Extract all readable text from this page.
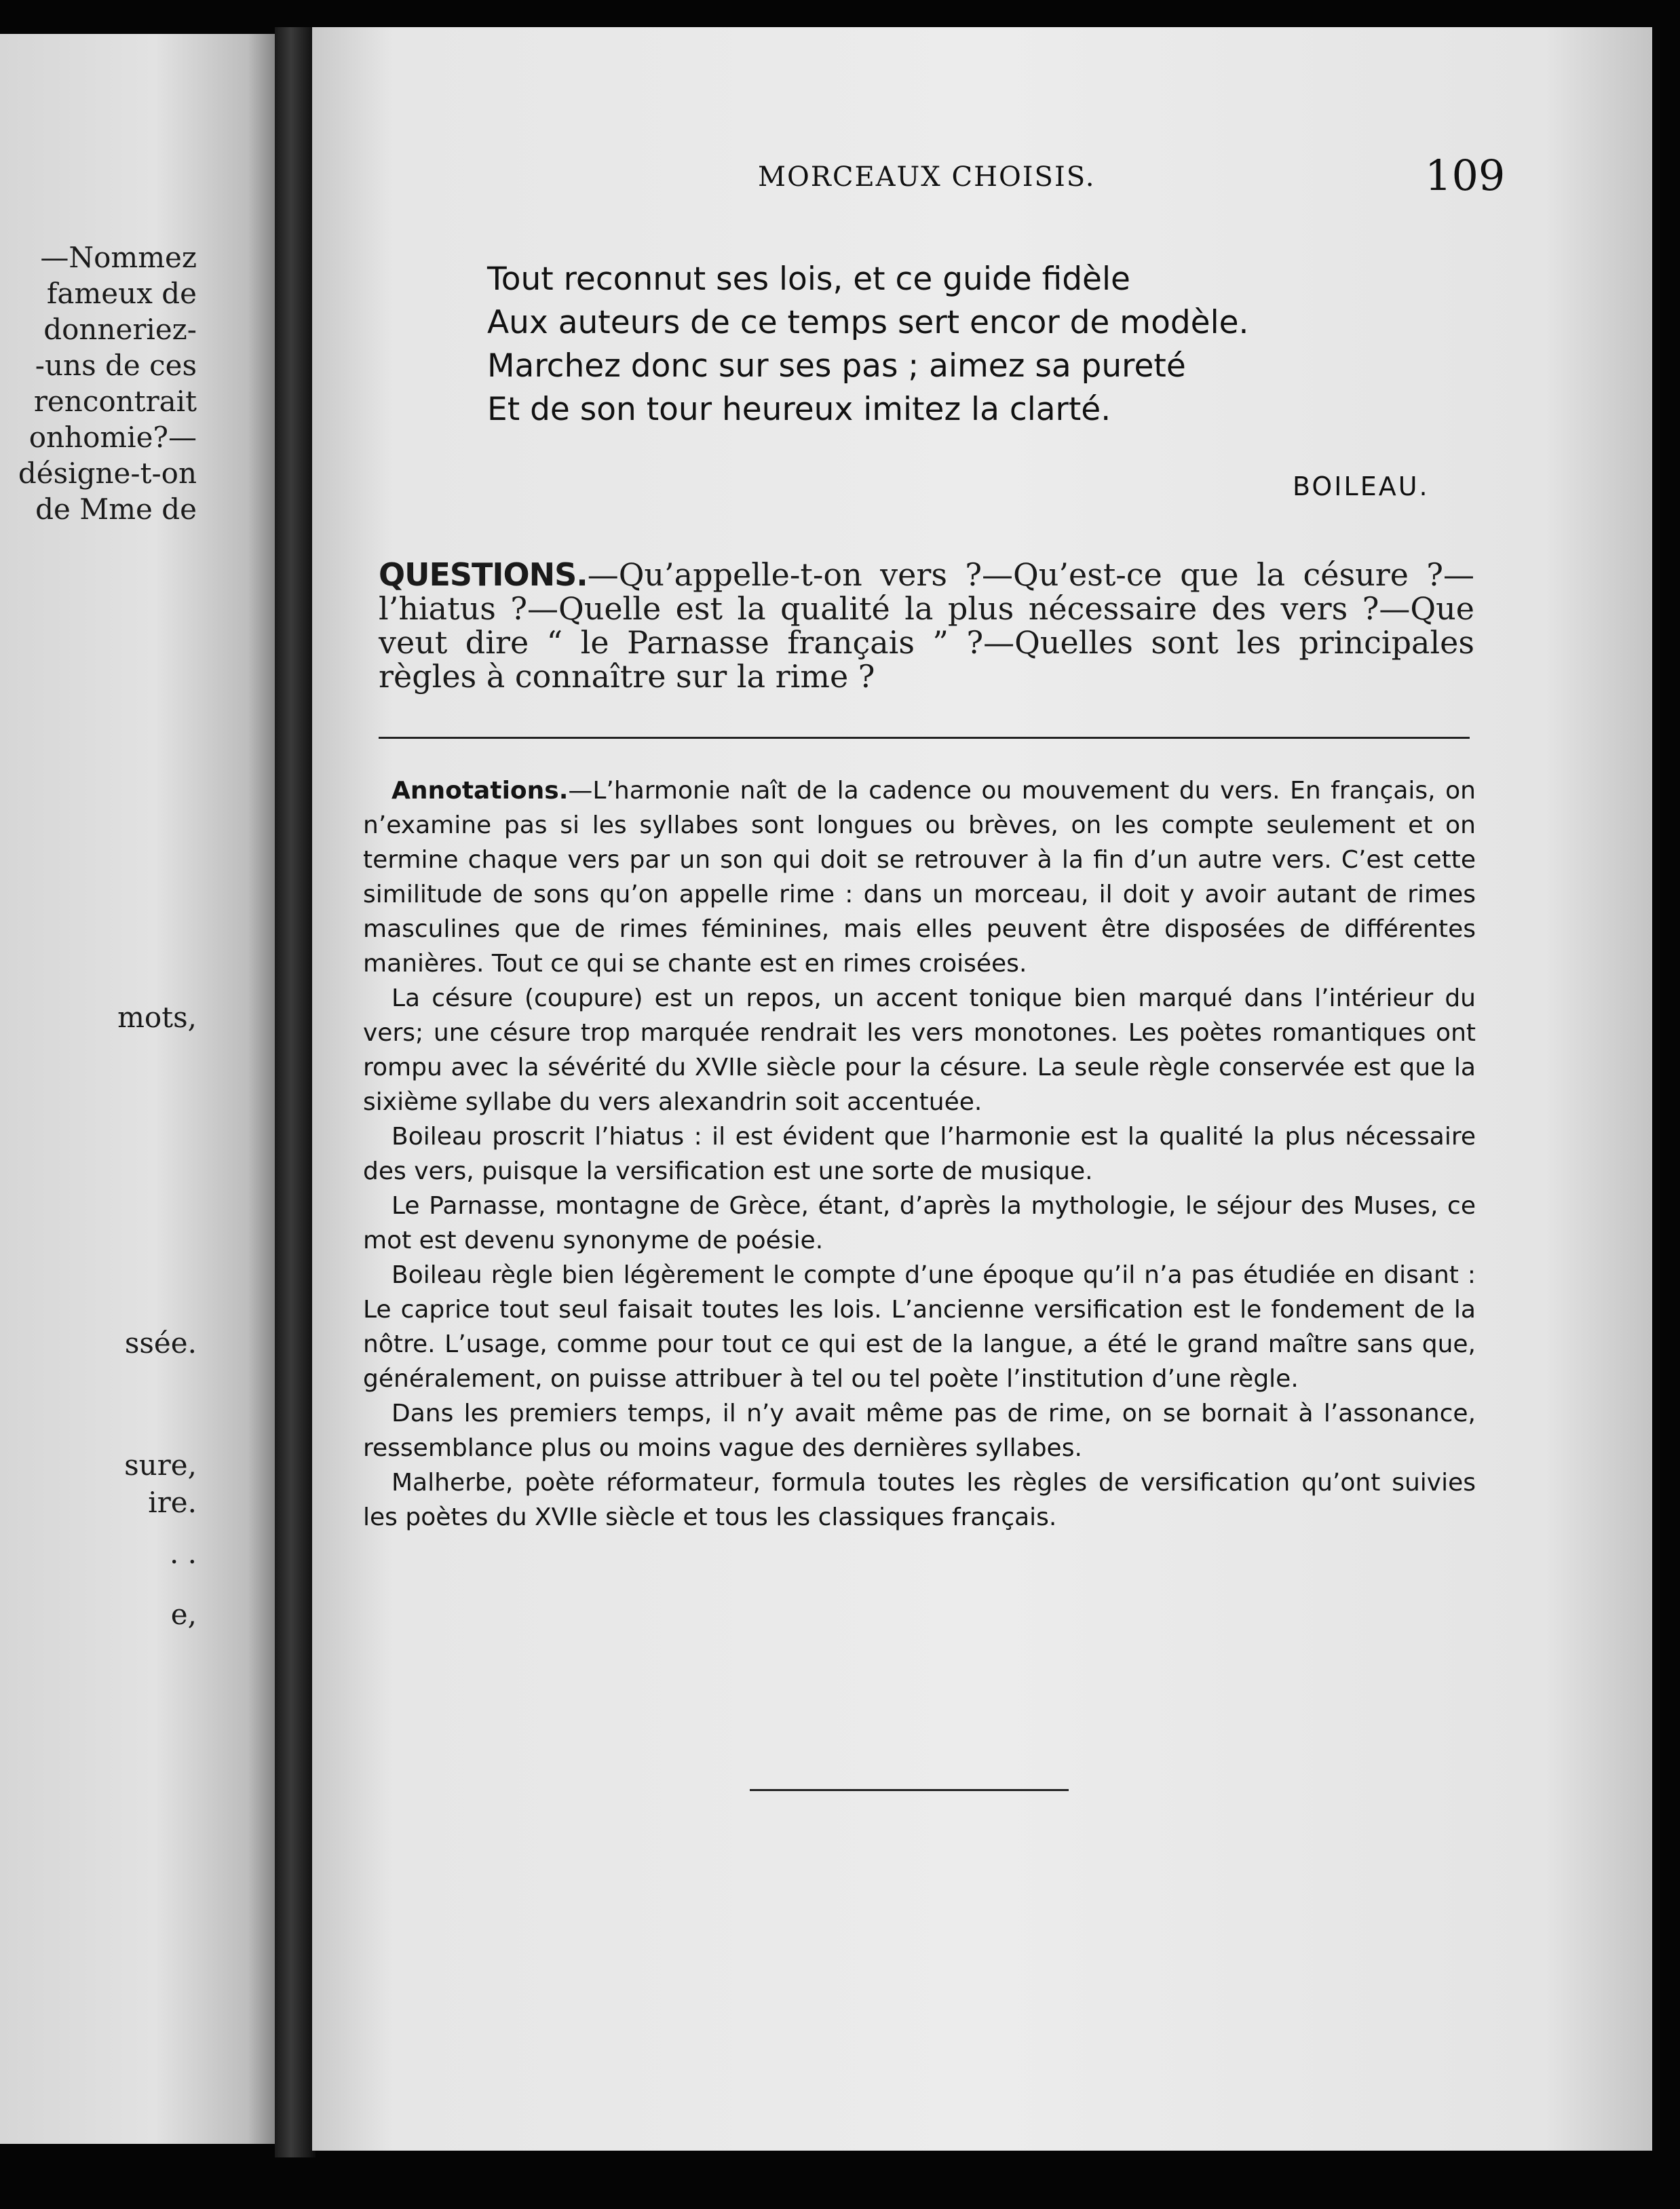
—Nommez
fameux de
donneriez-
-uns de ces
rencontrait
onhomie?—
désigne-t-on
de Mme de
mots,
ssée.
sure,
ire.
. .
e,
MORCEAUX CHOISIS.	109
Tout reconnut ses lois, et ce guide fidèle
Aux auteurs de ce temps sert encor de modèle.
Marchez donc sur ses pas ; aimez sa pureté
Et de son tour heureux imitez la clarté.
BOILEAU.
QUESTIONS.—Qu’appelle-t-on vers ?—Qu’est-ce que la césure ?—l’hiatus ?—Quelle est la qualité la plus nécessaire des vers ?—Que veut dire “ le Parnasse français ” ?—Quelles sont les principales règles à connaître sur la rime ?

Annotations.—L’harmonie naît de la cadence ou mouvement du vers. En français, on n’examine pas si les syllabes sont longues ou brèves, on les compte seulement et on termine chaque vers par un son qui doit se retrouver à la fin d’un autre vers. C’est cette similitude de sons qu’on appelle rime : dans un morceau, il doit y avoir autant de rimes masculines que de rimes féminines, mais elles peuvent être disposées de différentes manières. Tout ce qui se chante est en rimes croisées.

La césure (coupure) est un repos, un accent tonique bien marqué dans l’intérieur du vers; une césure trop marquée rendrait les vers monotones. Les poètes romantiques ont rompu avec la sévérité du XVIIe siècle pour la césure. La seule règle conservée est que la sixième syllabe du vers alexandrin soit accentuée.

Boileau proscrit l’hiatus : il est évident que l’harmonie est la qualité la plus nécessaire des vers, puisque la versification est une sorte de musique.

Le Parnasse, montagne de Grèce, étant, d’après la mythologie, le séjour des Muses, ce mot est devenu synonyme de poésie.

Boileau règle bien légèrement le compte d’une époque qu’il n’a pas étudiée en disant : Le caprice tout seul faisait toutes les lois. L’ancienne versification est le fondement de la nôtre. L’usage, comme pour tout ce qui est de la langue, a été le grand maître sans que, généralement, on puisse attribuer à tel ou tel poète l’institution d’une règle.

Dans les premiers temps, il n’y avait même pas de rime, on se bornait à l’assonance, ressemblance plus ou moins vague des dernières syllabes.

Malherbe, poète réformateur, formula toutes les règles de versification qu’ont suivies les poètes du XVIIe siècle et tous les classiques français.
